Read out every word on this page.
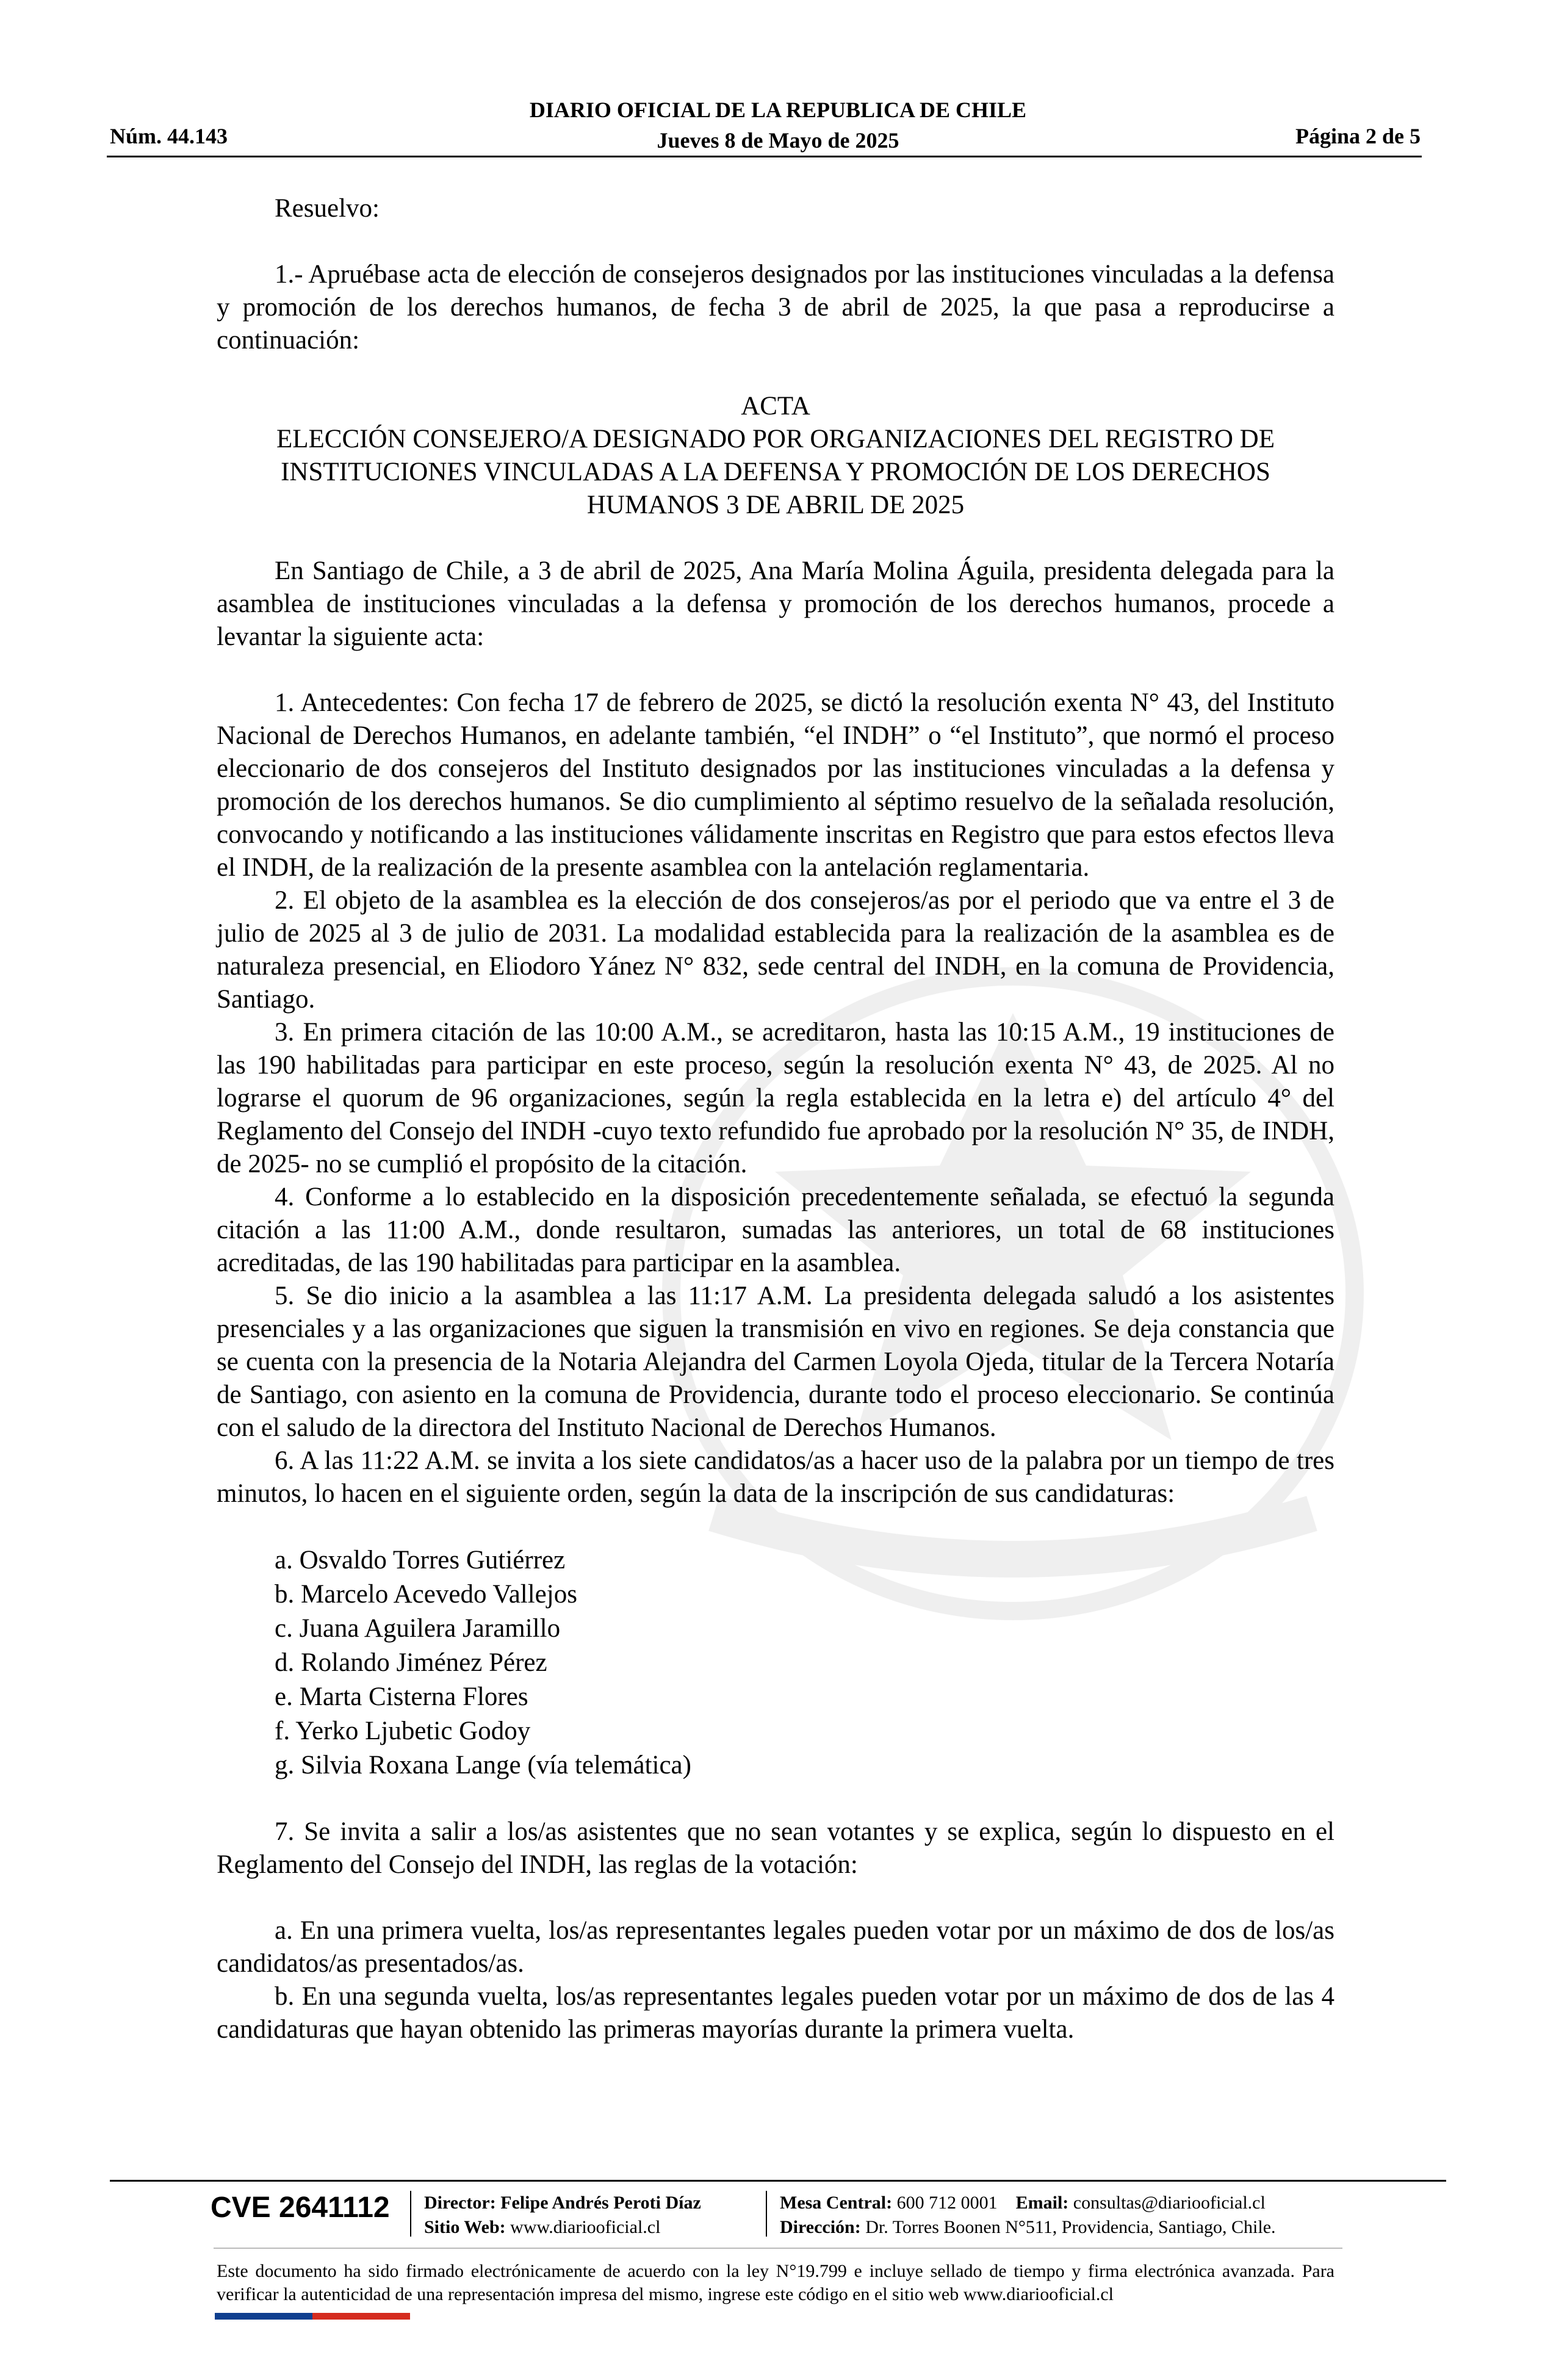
DIARIO OFICIAL DE LA REPUBLICA DE CHILE
Jueves 8 de Mayo de 2025
Núm. 44.143	Página 2 de 5

Resuelvo:

1.- Apruébase acta de elección de consejeros designados por las instituciones vinculadas a la defensa y promoción de los derechos humanos, de fecha 3 de abril de 2025, la que pasa a reproducirse a continuación:

ACTA

ELECCIÓN CONSEJERO/A DESIGNADO POR ORGANIZACIONES DEL REGISTRO DE

INSTITUCIONES VINCULADAS A LA DEFENSA Y PROMOCIÓN DE LOS DERECHOS

HUMANOS 3 DE ABRIL DE 2025

En Santiago de Chile, a 3 de abril de 2025, Ana María Molina Águila, presidenta delegada para la asamblea de instituciones vinculadas a la defensa y promoción de los derechos humanos, procede a levantar la siguiente acta:

1. Antecedentes: Con fecha 17 de febrero de 2025, se dictó la resolución exenta N° 43, del Instituto Nacional de Derechos Humanos, en adelante también, “el INDH” o “el Instituto”, que normó el proceso eleccionario de dos consejeros del Instituto designados por las instituciones vinculadas a la defensa y promoción de los derechos humanos. Se dio cumplimiento al séptimo resuelvo de la señalada resolución, convocando y notificando a las instituciones válidamente inscritas en Registro que para estos efectos lleva el INDH, de la realización de la presente asamblea con la antelación reglamentaria.

2. El objeto de la asamblea es la elección de dos consejeros/as por el periodo que va entre el 3 de julio de 2025 al 3 de julio de 2031. La modalidad establecida para la realización de la asamblea es de naturaleza presencial, en Eliodoro Yánez N° 832, sede central del INDH, en la comuna de Providencia, Santiago.

3. En primera citación de las 10:00 A.M., se acreditaron, hasta las 10:15 A.M., 19 instituciones de las 190 habilitadas para participar en este proceso, según la resolución exenta N° 43, de 2025. Al no lograrse el quorum de 96 organizaciones, según la regla establecida en la letra e) del artículo 4° del Reglamento del Consejo del INDH -cuyo texto refundido fue aprobado por la resolución N° 35, de INDH, de 2025- no se cumplió el propósito de la citación.

4. Conforme a lo establecido en la disposición precedentemente señalada, se efectuó la segunda citación a las 11:00 A.M., donde resultaron, sumadas las anteriores, un total de 68 instituciones acreditadas, de las 190 habilitadas para participar en la asamblea.

5. Se dio inicio a la asamblea a las 11:17 A.M. La presidenta delegada saludó a los asistentes presenciales y a las organizaciones que siguen la transmisión en vivo en regiones. Se deja constancia que se cuenta con la presencia de la Notaria Alejandra del Carmen Loyola Ojeda, titular de la Tercera Notaría de Santiago, con asiento en la comuna de Providencia, durante todo el proceso eleccionario. Se continúa con el saludo de la directora del Instituto Nacional de Derechos Humanos.

6. A las 11:22 A.M. se invita a los siete candidatos/as a hacer uso de la palabra por un tiempo de tres minutos, lo hacen en el siguiente orden, según la data de la inscripción de sus candidaturas:

a. Osvaldo Torres Gutiérrez

b. Marcelo Acevedo Vallejos

c. Juana Aguilera Jaramillo

d. Rolando Jiménez Pérez

e. Marta Cisterna Flores

f. Yerko Ljubetic Godoy

g. Silvia Roxana Lange (vía telemática)

7. Se invita a salir a los/as asistentes que no sean votantes y se explica, según lo dispuesto en el Reglamento del Consejo del INDH, las reglas de la votación:

a. En una primera vuelta, los/as representantes legales pueden votar por un máximo de dos de los/as candidatos/as presentados/as.

b. En una segunda vuelta, los/as representantes legales pueden votar por un máximo de dos de las 4 candidaturas que hayan obtenido las primeras mayorías durante la primera vuelta.

CVE 2641112 Director: Felipe Andrés Peroti Díaz
Sitio Web: www.diariooficial.cl
Mesa Central: 600 712 0001 Email: consultas@diariooficial.cl
Dirección: Dr. Torres Boonen N°511, Providencia, Santiago, Chile.
Este documento ha sido firmado electrónicamente de acuerdo con la ley N°19.799 e incluye sellado de tiempo y firma electrónica avanzada. Para verificar la autenticidad de una representación impresa del mismo, ingrese este código en el sitio web www.diariooficial.cl
